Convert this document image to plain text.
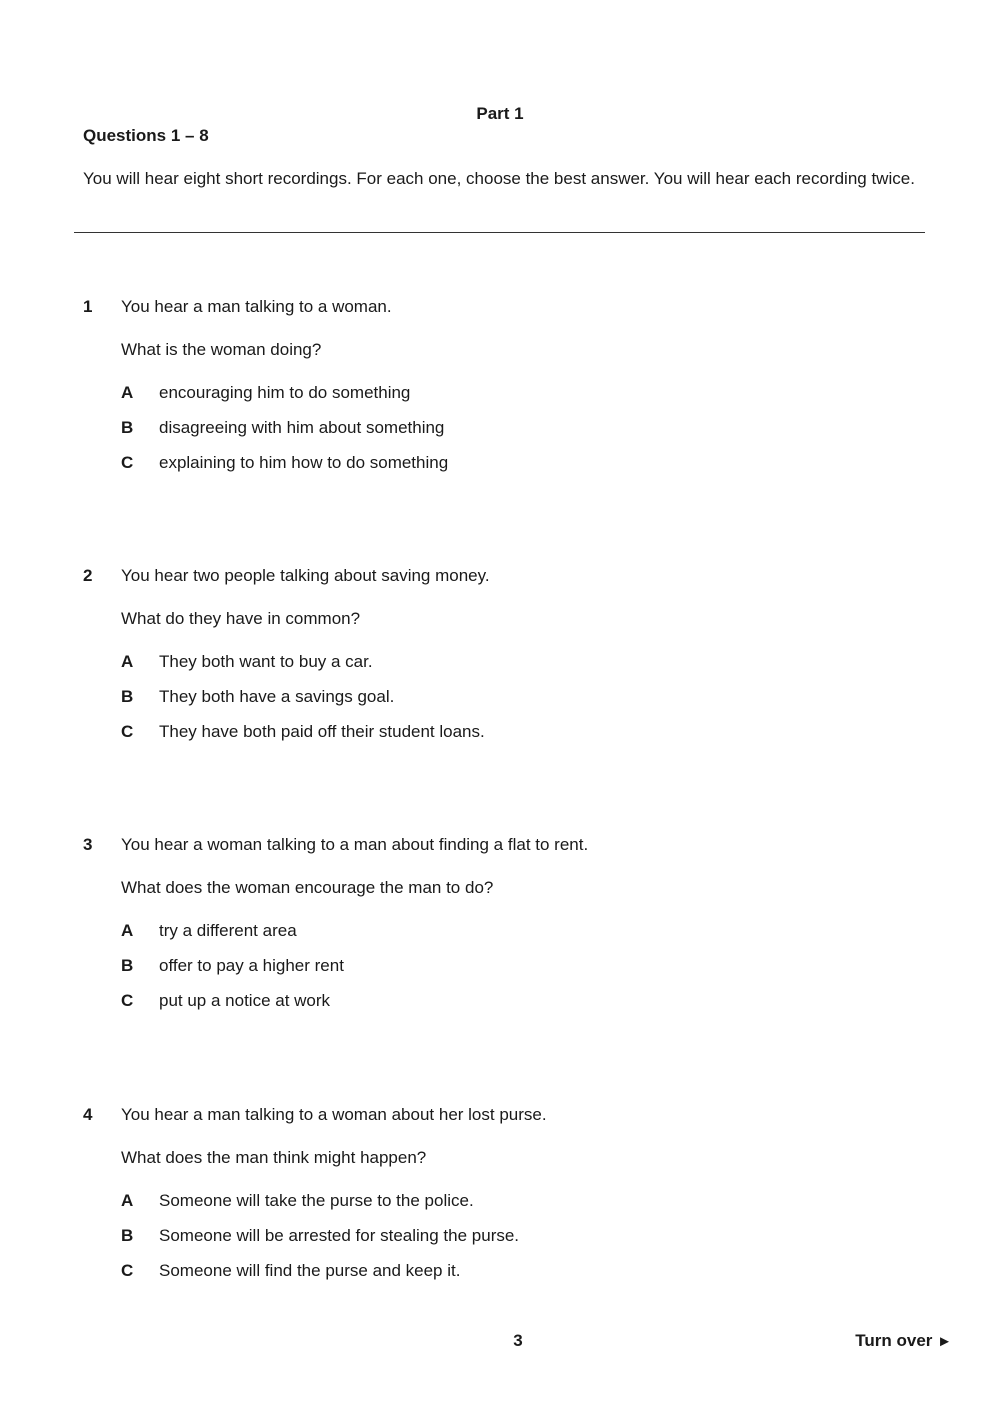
Part 1
Questions 1 – 8
You will hear eight short recordings. For each one, choose the best answer. You will hear each recording twice.
1 You hear a man talking to a woman.
What is the woman doing?
A encouraging him to do something
B disagreeing with him about something
C explaining to him how to do something
2 You hear two people talking about saving money.
What do they have in common?
A They both want to buy a car.
B They both have a savings goal.
C They have both paid off their student loans.
3 You hear a woman talking to a man about finding a flat to rent.
What does the woman encourage the man to do?
A try a different area
B offer to pay a higher rent
C put up a notice at work
4 You hear a man talking to a woman about her lost purse.
What does the man think might happen?
A Someone will take the purse to the police.
B Someone will be arrested for stealing the purse.
C Someone will find the purse and keep it.
3	Turn over ►
